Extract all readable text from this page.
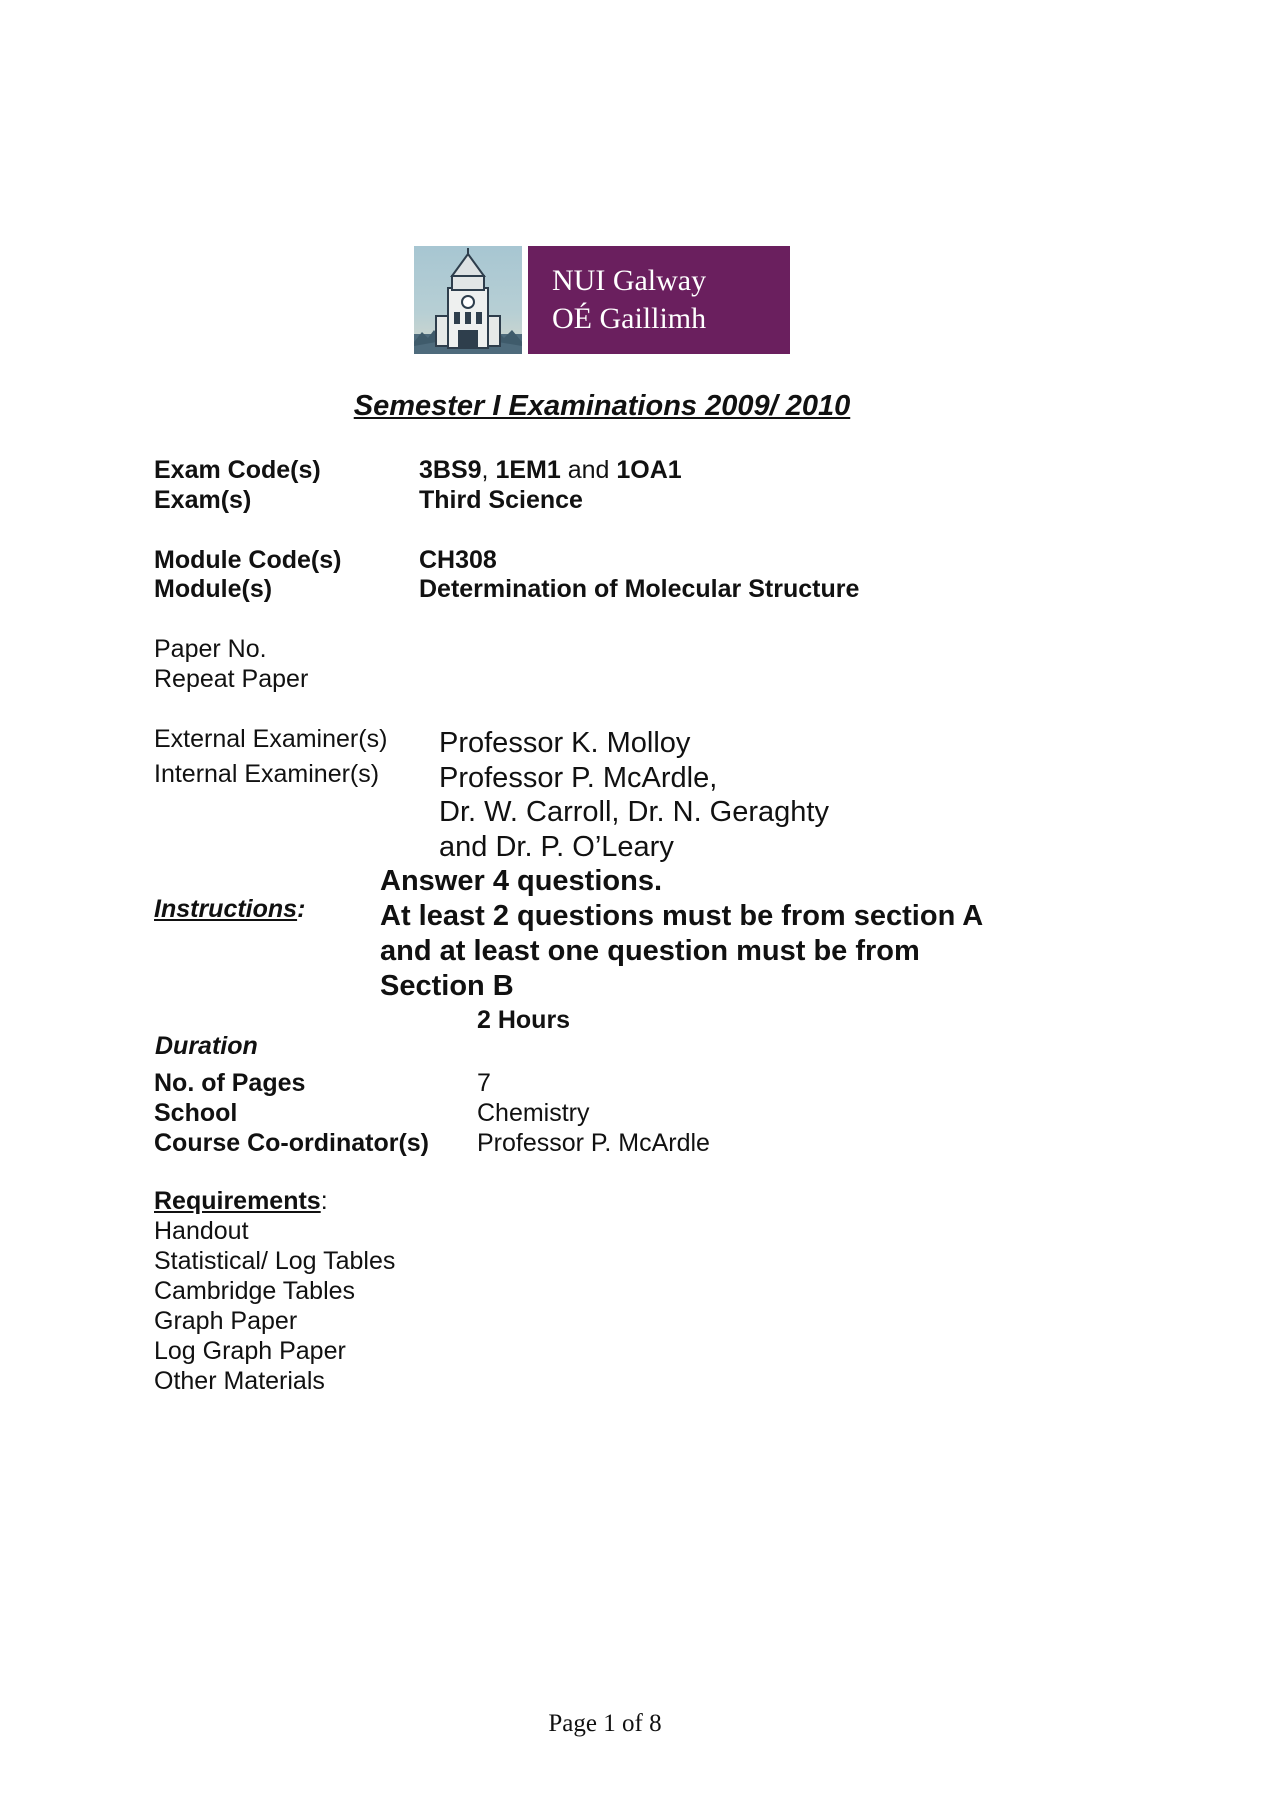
NUI Galway
OÉ Gaillimh
Semester I Examinations 2009/ 2010
Exam Code(s)	3BS9, 1EM1 and 1OA1
Exam(s)	Third Science
Module Code(s)	CH308
Module(s)	Determination of Molecular Structure
Paper No.
Repeat Paper
External Examiner(s) Professor K. Molloy
Internal Examiner(s) Professor P. McArdle,
Dr. W. Carroll, Dr. N. Geraghty
and Dr. P. O’Leary
Instructions:
Answer 4 questions.
At least 2 questions must be from section A
and at least one question must be from
Section B
2 Hours
Duration
No. of Pages	7
School	Chemistry
Course Co-ordinator(s) Professor P. McArdle
Requirements:
Handout
Statistical/ Log Tables
Cambridge Tables
Graph Paper
Log Graph Paper
Other Materials
Page 1 of 8
